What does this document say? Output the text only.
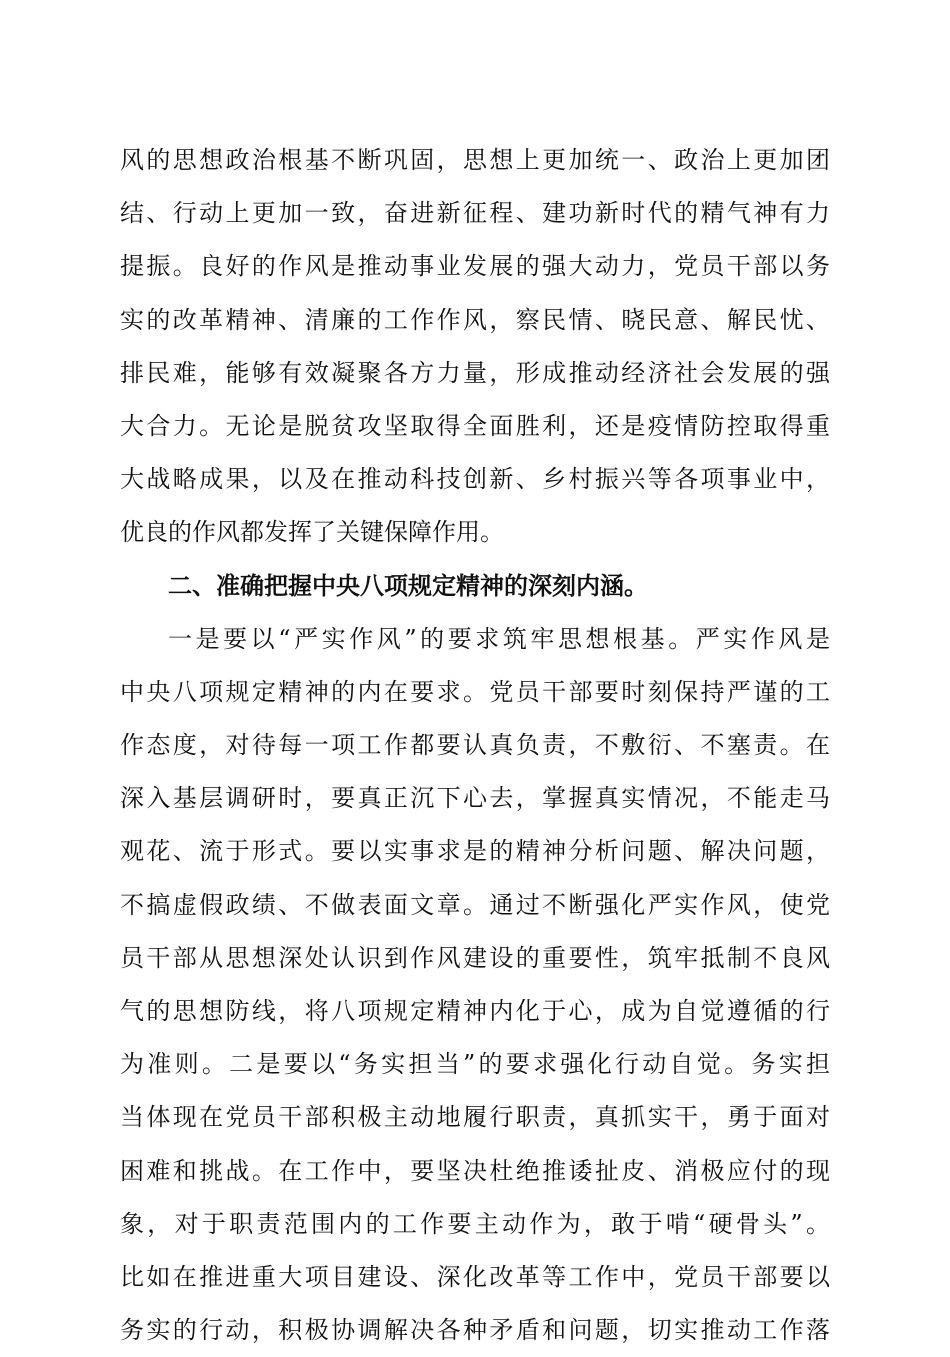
风的思想政治根基不断巩固，思想上更加统一、政治上更加团
结、行动上更加一致，奋进新征程、建功新时代的精气神有力
提振。良好的作风是推动事业发展的强大动力，党员干部以务
实的改革精神、清廉的工作作风，察民情、晓民意、解民忧、
排民难，能够有效凝聚各方力量，形成推动经济社会发展的强
大合力。无论是脱贫攻坚取得全面胜利，还是疫情防控取得重
大战略成果，以及在推动科技创新、乡村振兴等各项事业中，
优良的作风都发挥了关键保障作用。
二、准确把握中央八项规定精神的深刻内涵。
一是要以“严实作风”的要求筑牢思想根基。严实作风是
中央八项规定精神的内在要求。党员干部要时刻保持严谨的工
作态度，对待每一项工作都要认真负责，不敷衍、不塞责。在
深入基层调研时，要真正沉下心去，掌握真实情况，不能走马
观花、流于形式。要以实事求是的精神分析问题、解决问题，
不搞虚假政绩、不做表面文章。通过不断强化严实作风，使党
员干部从思想深处认识到作风建设的重要性，筑牢抵制不良风
气的思想防线，将八项规定精神内化于心，成为自觉遵循的行
为准则。二是要以“务实担当”的要求强化行动自觉。务实担
当体现在党员干部积极主动地履行职责，真抓实干，勇于面对
困难和挑战。在工作中，要坚决杜绝推诿扯皮、消极应付的现
象，对于职责范围内的工作要主动作为，敢于啃“硬骨头”。
比如在推进重大项目建设、深化改革等工作中，党员干部要以
务实的行动，积极协调解决各种矛盾和问题，切实推动工作落
